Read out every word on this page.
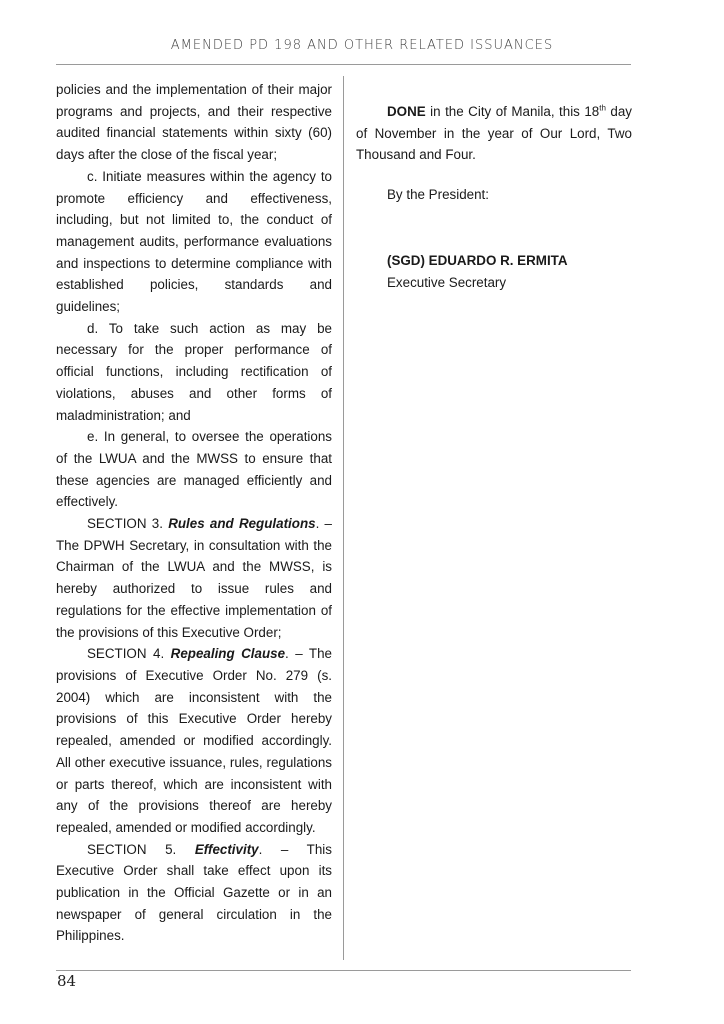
AMENDED PD 198 AND OTHER RELATED ISSUANCES

policies and the implementation of their major programs and projects, and their respective audited financial statements within sixty (60) days after the close of the fiscal year;

c. Initiate measures within the agency to promote efficiency and effectiveness, including, but not limited to, the conduct of management audits, performance evaluations and inspections to determine compliance with established policies, standards and guidelines;

d. To take such action as may be necessary for the proper performance of official functions, including rectification of violations, abuses and other forms of maladministration; and

e. In general, to oversee the operations of the LWUA and the MWSS to ensure that these agencies are managed efficiently and effectively.

SECTION 3. Rules and Regulations. – The DPWH Secretary, in consultation with the Chairman of the LWUA and the MWSS, is hereby authorized to issue rules and regulations for the effective implementation of the provisions of this Executive Order;

SECTION 4. Repealing Clause. – The provisions of Executive Order No. 279 (s. 2004) which are inconsistent with the provisions of this Executive Order hereby repealed, amended or modified accordingly. All other executive issuance, rules, regulations or parts thereof, which are inconsistent with any of the provisions thereof are hereby repealed, amended or modified accordingly.

SECTION 5. Effectivity. – This Executive Order shall take effect upon its publication in the Official Gazette or in an newspaper of general circulation in the Philippines.

DONE in the City of Manila, this 18th day of November in the year of Our Lord, Two Thousand and Four.

By the President:
(SGD) EDUARDO R. ERMITA
Executive Secretary
84
